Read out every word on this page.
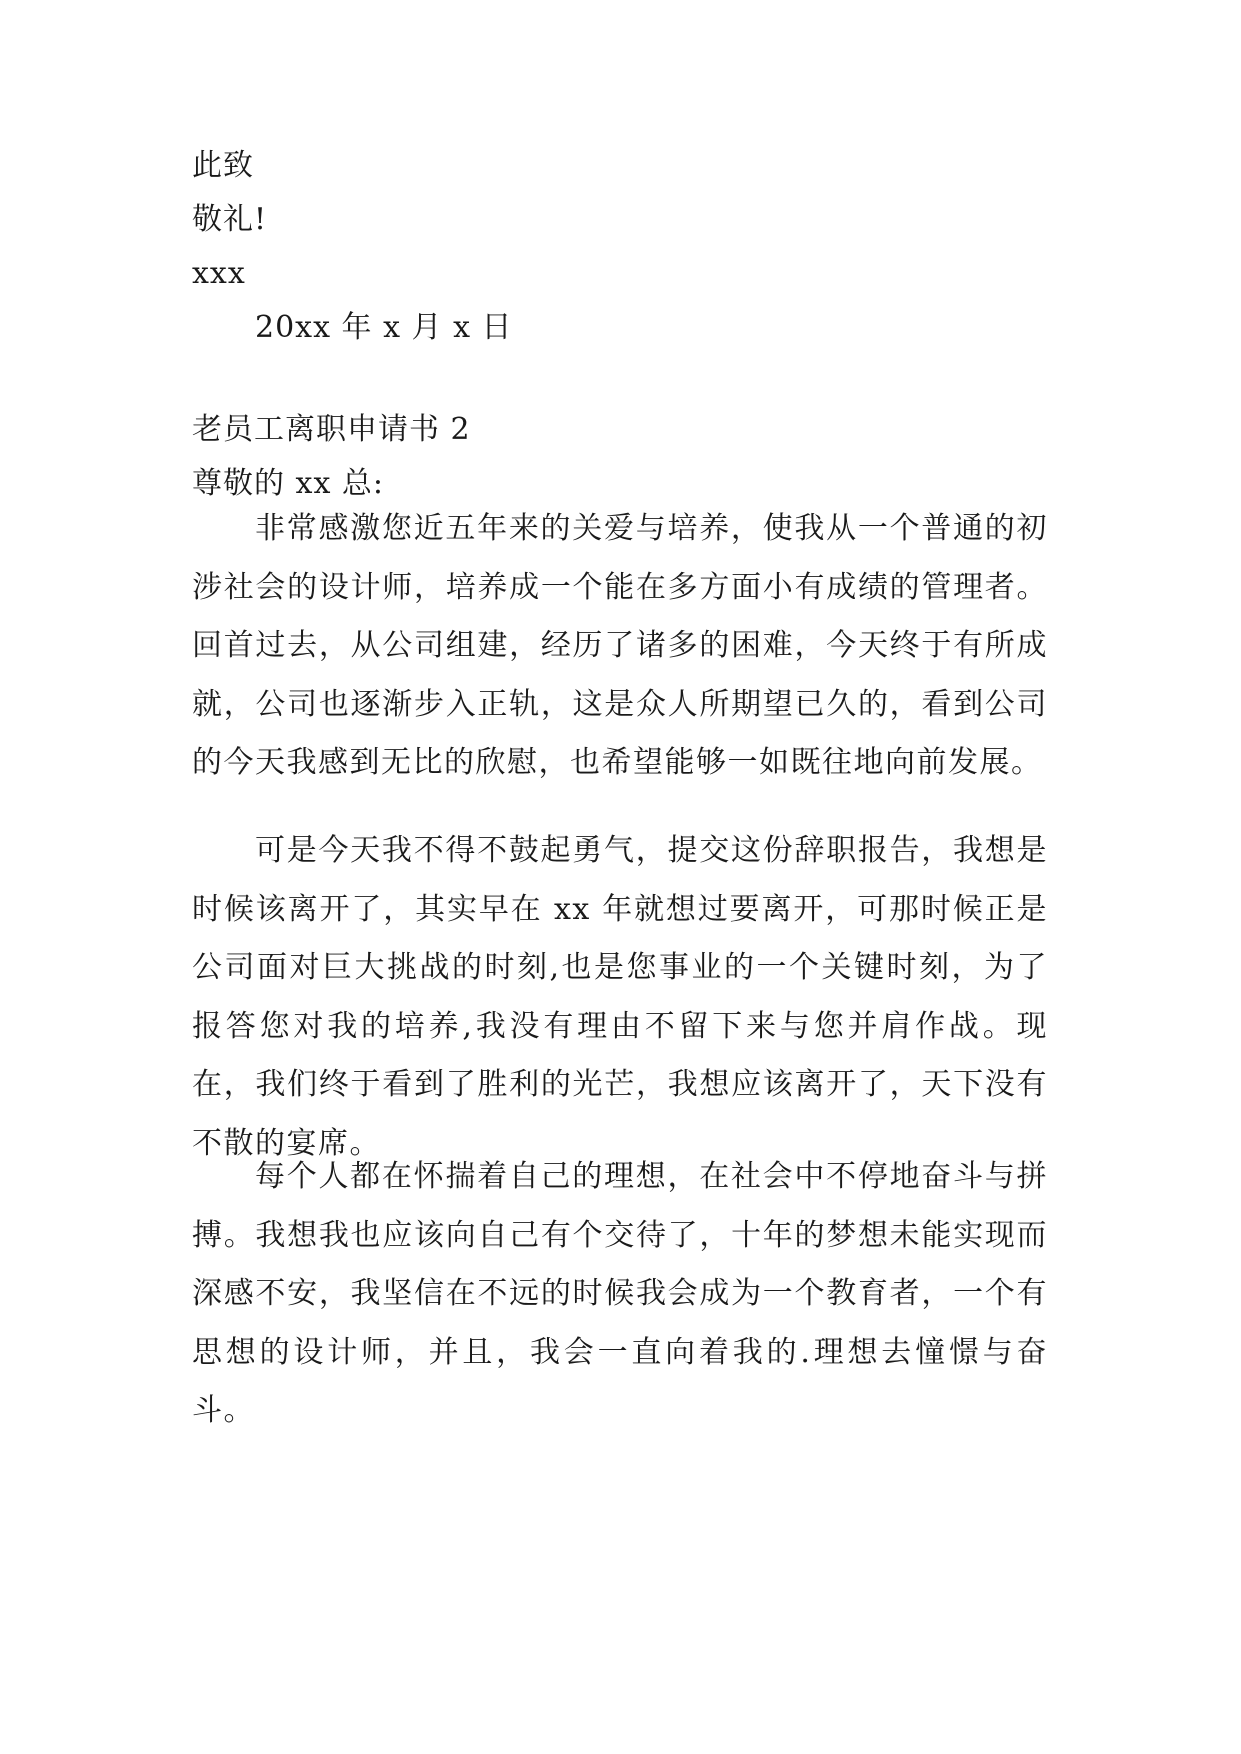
此致
敬礼!
xxx
20xx 年 x 月 x 日
老员工离职申请书 2
尊敬的 xx 总:

非常感激您近五年来的关爱与培养，使我从一个普通的初涉社会的设计师，培养成一个能在多方面小有成绩的管理者。回首过去，从公司组建，经历了诸多的困难，今天终于有所成就，公司也逐渐步入正轨，这是众人所期望已久的，看到公司的今天我感到无比的欣慰，也希望能够一如既往地向前发展。

可是今天我不得不鼓起勇气，提交这份辞职报告，我想是时候该离开了，其实早在 xx 年就想过要离开，可那时候正是公司面对巨大挑战的时刻,也是您事业的一个关键时刻，为了报答您对我的培养,我没有理由不留下来与您并肩作战。现在，我们终于看到了胜利的光芒，我想应该离开了，天下没有不散的宴席。

每个人都在怀揣着自己的理想，在社会中不停地奋斗与拼搏。我想我也应该向自己有个交待了，十年的梦想未能实现而深感不安，我坚信在不远的时候我会成为一个教育者，一个有思想的设计师，并且，我会一直向着我的.理想去憧憬与奋斗。
